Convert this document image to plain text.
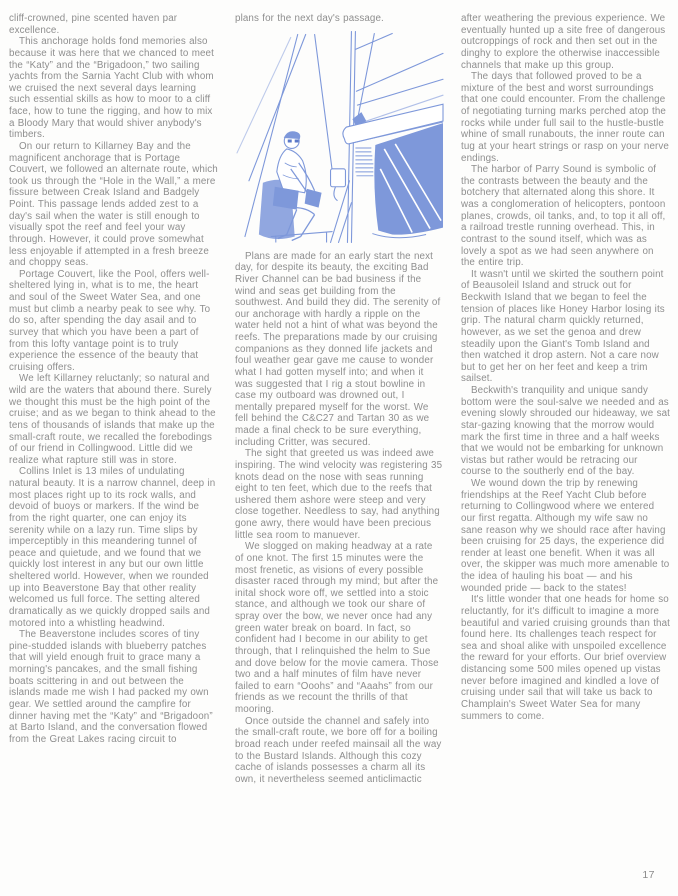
cliff-crowned, pine scented haven par excellence.

This anchorage holds fond memories also because it was here that we chanced to meet the “Katy” and the “Brigadoon,” two sailing yachts from the Sarnia Yacht Club with whom we cruised the next several days learning such essential skills as how to moor to a cliff face, how to tune the rigging, and how to mix a Bloody Mary that would shiver anybody's timbers.

On our return to Killarney Bay and the magnificent anchorage that is Portage Couvert, we followed an alternate route, which took us through the “Hole in the Wall,” a mere fissure between Creak Island and Badgely Point. This passage lends added zest to a day's sail when the water is still enough to visually spot the reef and feel your way through. However, it could prove somewhat less enjoyable if attempted in a fresh breeze and choppy seas.

Portage Couvert, like the Pool, offers well-sheltered lying in, what is to me, the heart and soul of the Sweet Water Sea, and one must but climb a nearby peak to see why. To do so, after spending the day asail and to survey that which you have been a part of from this lofty vantage point is to truly experience the essence of the beauty that cruising offers.

We left Killarney reluctanly; so natural and wild are the waters that abound there. Surely we thought this must be the high point of the cruise; and as we began to think ahead to the tens of thousands of islands that make up the small-craft route, we recalled the forebodings of our friend in Collingwood. Little did we realize what rapture still was in store.

Collins Inlet is 13 miles of undulating natural beauty. It is a narrow channel, deep in most places right up to its rock walls, and devoid of buoys or markers. If the wind be from the right quarter, one can enjoy its serenity while on a lazy run. Time slips by imperceptibly in this meandering tunnel of peace and quietude, and we found that we quickly lost interest in any but our own little sheltered world. However, when we rounded up into Beaverstone Bay that other reality welcomed us full force. The setting altered dramatically as we quickly dropped sails and motored into a whistling headwind.

The Beaverstone includes scores of tiny pine-studded islands with blueberry patches that will yield enough fruit to grace many a morning's pancakes, and the small fishing boats scittering in and out between the islands made me wish I had packed my own gear. We settled around the campfire for dinner having met the “Katy” and “Brigadoon” at Barto Island, and the conversation flowed from the Great Lakes racing circuit to

plans for the next day's passage.

Plans are made for an early start the next day, for despite its beauty, the exciting Bad River Channel can be bad business if the wind and seas get building from the southwest. And build they did. The serenity of our anchorage with hardly a ripple on the water held not a hint of what was beyond the reefs. The preparations made by our cruising companions as they donned life jackets and foul weather gear gave me cause to wonder what I had gotten myself into; and when it was suggested that I rig a stout bowline in case my outboard was drowned out, I mentally prepared myself for the worst. We fell behind the C&C27 and Tartan 30 as we made a final check to be sure everything, including Critter, was secured.

The sight that greeted us was indeed awe inspiring. The wind velocity was registering 35 knots dead on the nose with seas running eight to ten feet, which due to the reefs that ushered them ashore were steep and very close together. Needless to say, had anything gone awry, there would have been precious little sea room to manuever.

We slogged on making headway at a rate of one knot. The first 15 minutes were the most frenetic, as visions of every possible disaster raced through my mind; but after the inital shock wore off, we settled into a stoic stance, and although we took our share of spray over the bow, we never once had any green water break on board. In fact, so confident had I become in our ability to get through, that I relinquished the helm to Sue and dove below for the movie camera. Those two and a half minutes of film have never failed to earn “Ooohs” and “Aaahs” from our friends as we recount the thrills of that mooring.

Once outside the channel and safely into the small-craft route, we bore off for a boiling broad reach under reefed mainsail all the way to the Bustard Islands. Although this cozy cache of islands possesses a charm all its own, it nevertheless seemed anticlimactic

after weathering the previous experience. We eventually hunted up a site free of dangerous outcroppings of rock and then set out in the dinghy to explore the otherwise inaccessible channels that make up this group.

The days that followed proved to be a mixture of the best and worst surroundings that one could encounter. From the challenge of negotiating turning marks perched atop the rocks while under full sail to the hustle-bustle whine of small runabouts, the inner route can tug at your heart strings or rasp on your nerve endings.

The harbor of Parry Sound is symbolic of the contrasts between the beauty and the botchery that alternated along this shore. It was a conglomeration of helicopters, pontoon planes, crowds, oil tanks, and, to top it all off, a railroad trestle running overhead. This, in contrast to the sound itself, which was as lovely a spot as we had seen anywhere on the entire trip.

It wasn't until we skirted the southern point of Beausoleil Island and struck out for Beckwith Island that we began to feel the tension of places like Honey Harbor losing its grip. The natural charm quickly returned, however, as we set the genoa and drew steadily upon the Giant's Tomb Island and then watched it drop astern. Not a care now but to get her on her feet and keep a trim sailset.

Beckwith's tranquility and unique sandy bottom were the soul-salve we needed and as evening slowly shrouded our hideaway, we sat star-gazing knowing that the morrow would mark the first time in three and a half weeks that we would not be embarking for unknown vistas but rather would be retracing our course to the southerly end of the bay.

We wound down the trip by renewing friendships at the Reef Yacht Club before returning to Collingwood where we entered our first regatta. Although my wife saw no sane reason why we should race after having been cruising for 25 days, the experience did render at least one benefit. When it was all over, the skipper was much more amenable to the idea of hauling his boat — and his wounded pride — back to the states!

It's little wonder that one heads for home so reluctantly, for it's difficult to imagine a more beautiful and varied cruising grounds than that found here. Its challenges teach respect for sea and shoal alike with unspoiled excellence the reward for your efforts. Our brief overview distancing some 500 miles opened up vistas never before imagined and kindled a love of cruising under sail that will take us back to Champlain's Sweet Water Sea for many summers to come.

17
